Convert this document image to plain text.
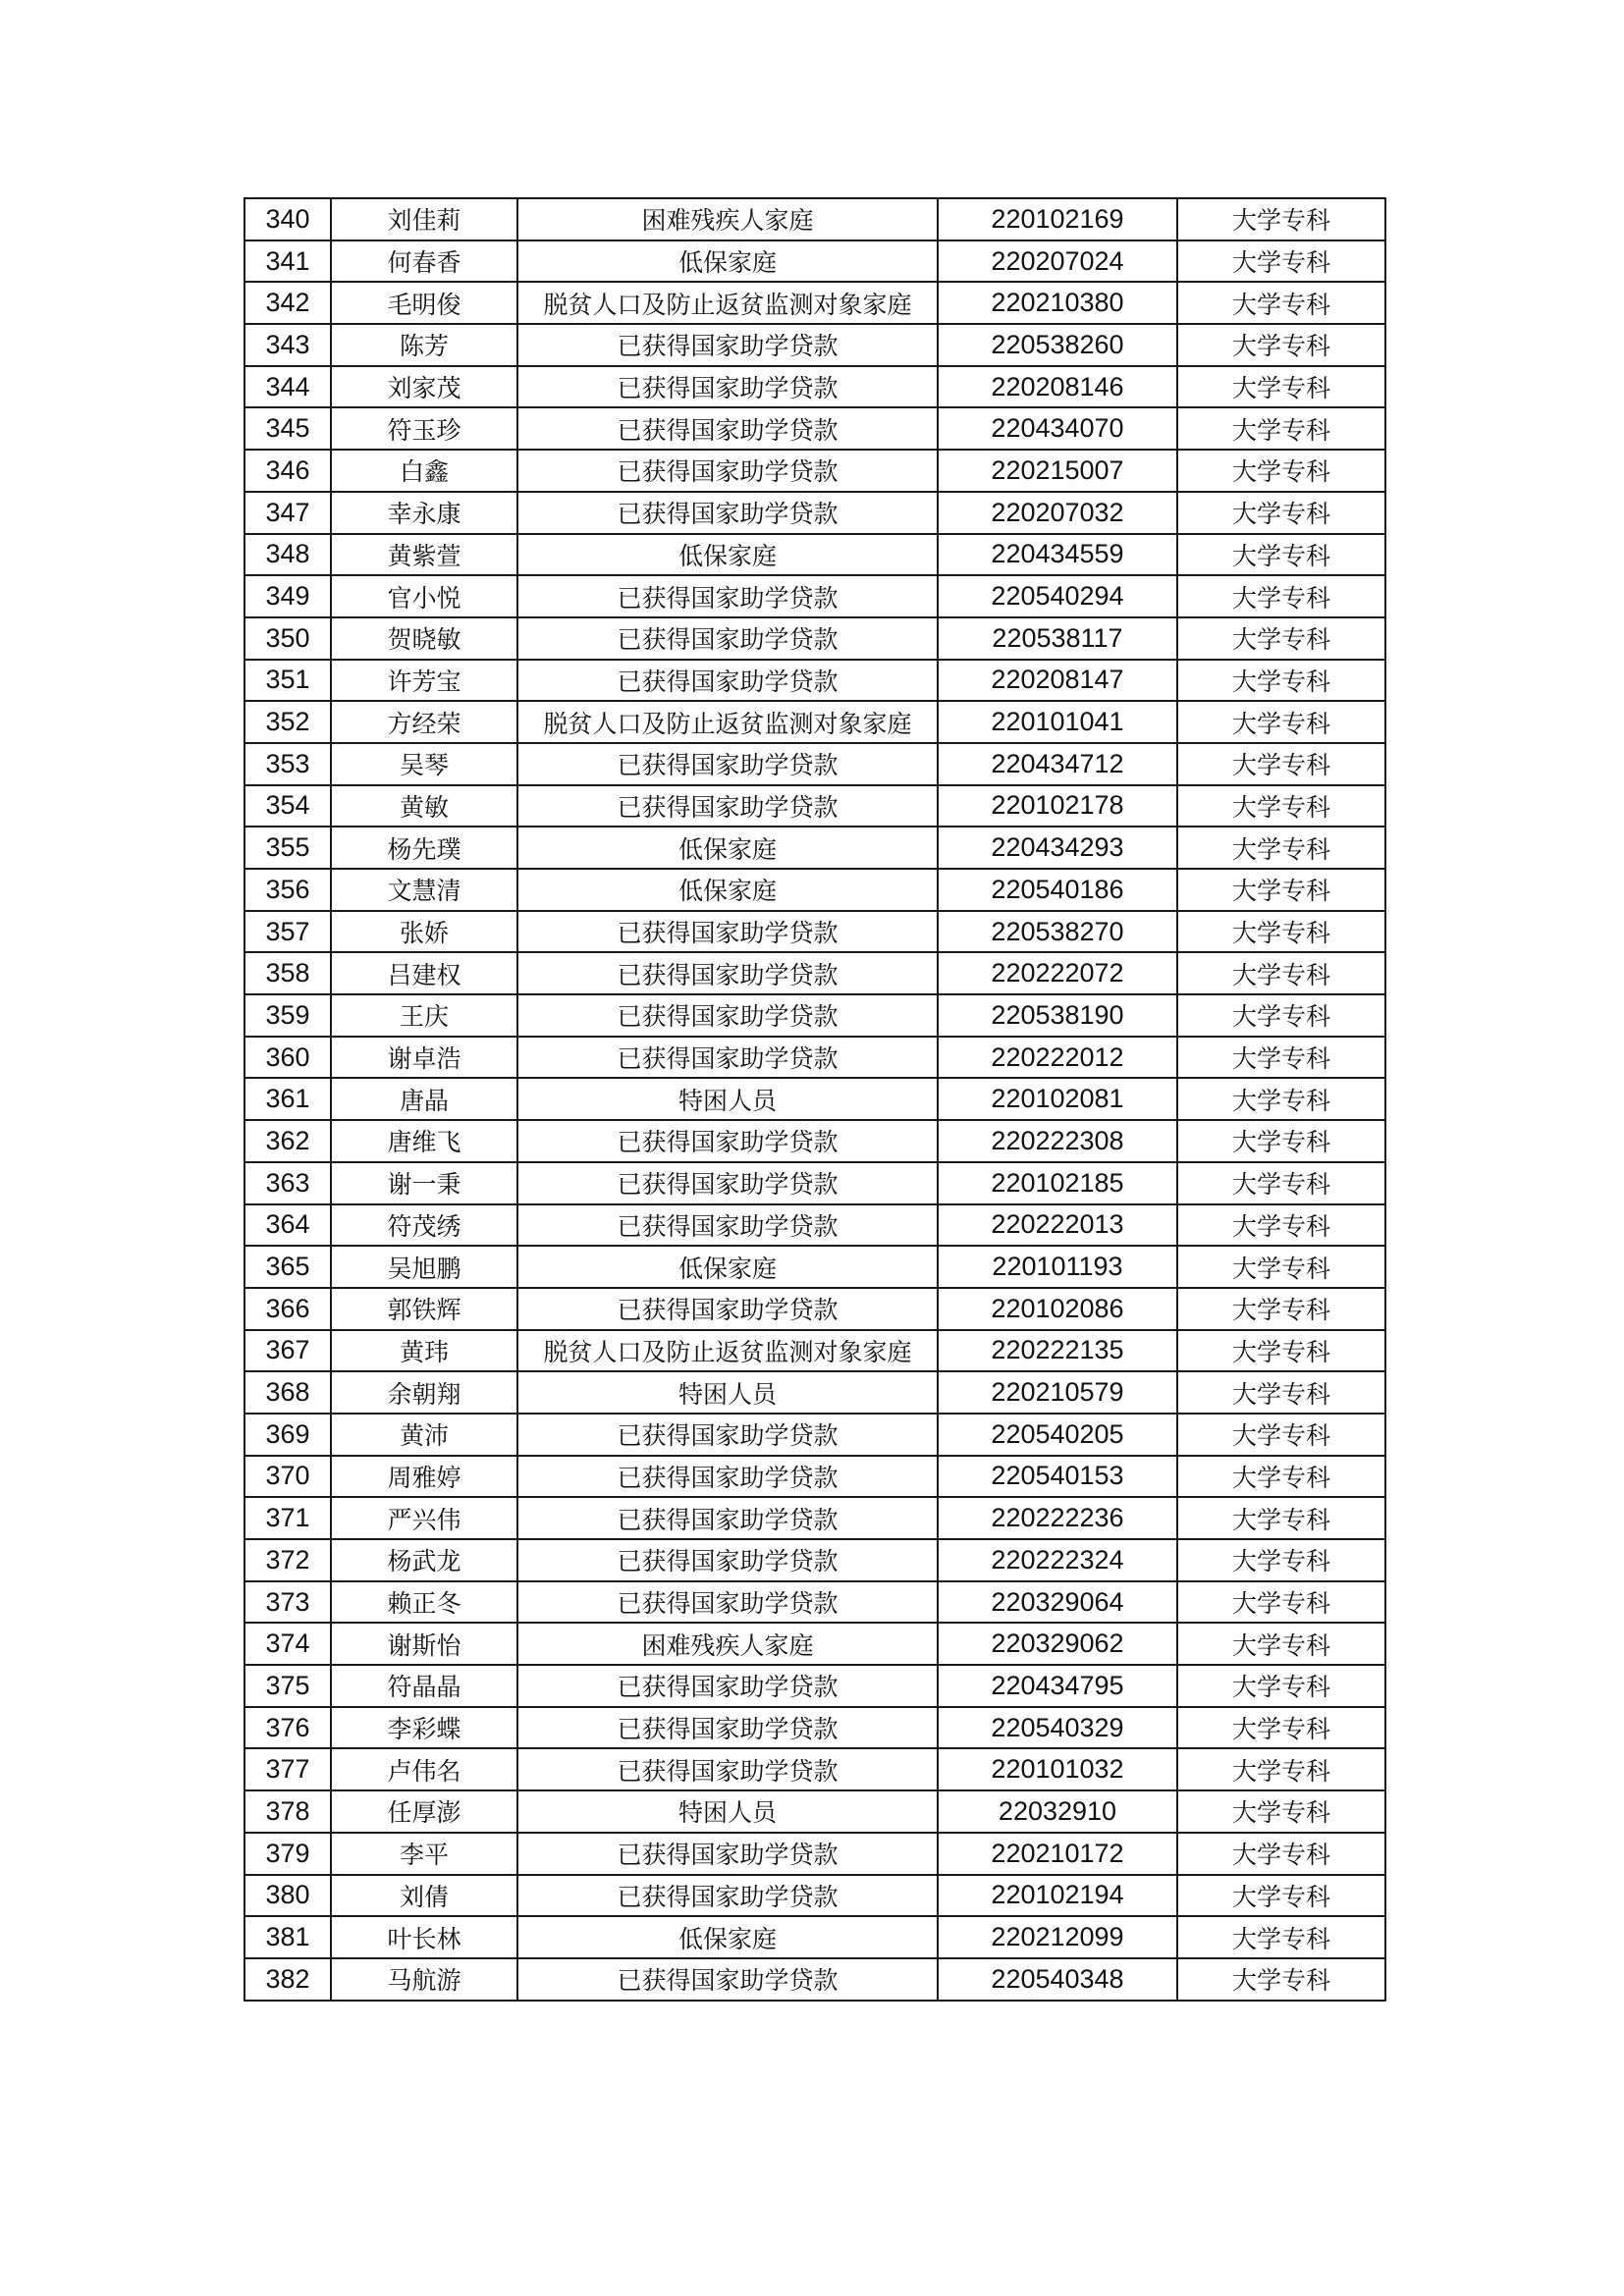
340	刘佳莉	困难残疾人家庭	220102169	大学专科
341	何春香	低保家庭	220207024	大学专科
342	毛明俊	脱贫人口及防止返贫监测对象家庭	220210380	大学专科
343	陈芳	已获得国家助学贷款	220538260	大学专科
344	刘家茂	已获得国家助学贷款	220208146	大学专科
345	符玉珍	已获得国家助学贷款	220434070	大学专科
346	白鑫	已获得国家助学贷款	220215007	大学专科
347	幸永康	已获得国家助学贷款	220207032	大学专科
348	黄紫萱	低保家庭	220434559	大学专科
349	官小悦	已获得国家助学贷款	220540294	大学专科
350	贺晓敏	已获得国家助学贷款	220538117	大学专科
351	许芳宝	已获得国家助学贷款	220208147	大学专科
352	方经荣	脱贫人口及防止返贫监测对象家庭	220101041	大学专科
353	吴琴	已获得国家助学贷款	220434712	大学专科
354	黄敏	已获得国家助学贷款	220102178	大学专科
355	杨先璞	低保家庭	220434293	大学专科
356	文慧清	低保家庭	220540186	大学专科
357	张娇	已获得国家助学贷款	220538270	大学专科
358	吕建权	已获得国家助学贷款	220222072	大学专科
359	王庆	已获得国家助学贷款	220538190	大学专科
360	谢卓浩	已获得国家助学贷款	220222012	大学专科
361	唐晶	特困人员	220102081	大学专科
362	唐维飞	已获得国家助学贷款	220222308	大学专科
363	谢一秉	已获得国家助学贷款	220102185	大学专科
364	符茂绣	已获得国家助学贷款	220222013	大学专科
365	吴旭鹏	低保家庭	220101193	大学专科
366	郭铁辉	已获得国家助学贷款	220102086	大学专科
367	黄玮	脱贫人口及防止返贫监测对象家庭	220222135	大学专科
368	余朝翔	特困人员	220210579	大学专科
369	黄沛	已获得国家助学贷款	220540205	大学专科
370	周雅婷	已获得国家助学贷款	220540153	大学专科
371	严兴伟	已获得国家助学贷款	220222236	大学专科
372	杨武龙	已获得国家助学贷款	220222324	大学专科
373	赖正冬	已获得国家助学贷款	220329064	大学专科
374	谢斯怡	困难残疾人家庭	220329062	大学专科
375	符晶晶	已获得国家助学贷款	220434795	大学专科
376	李彩蝶	已获得国家助学贷款	220540329	大学专科
377	卢伟名	已获得国家助学贷款	220101032	大学专科
378	任厚澎	特困人员	22032910	大学专科
379	李平	已获得国家助学贷款	220210172	大学专科
380	刘倩	已获得国家助学贷款	220102194	大学专科
381	叶长林	低保家庭	220212099	大学专科
382	马航游	已获得国家助学贷款	220540348	大学专科
